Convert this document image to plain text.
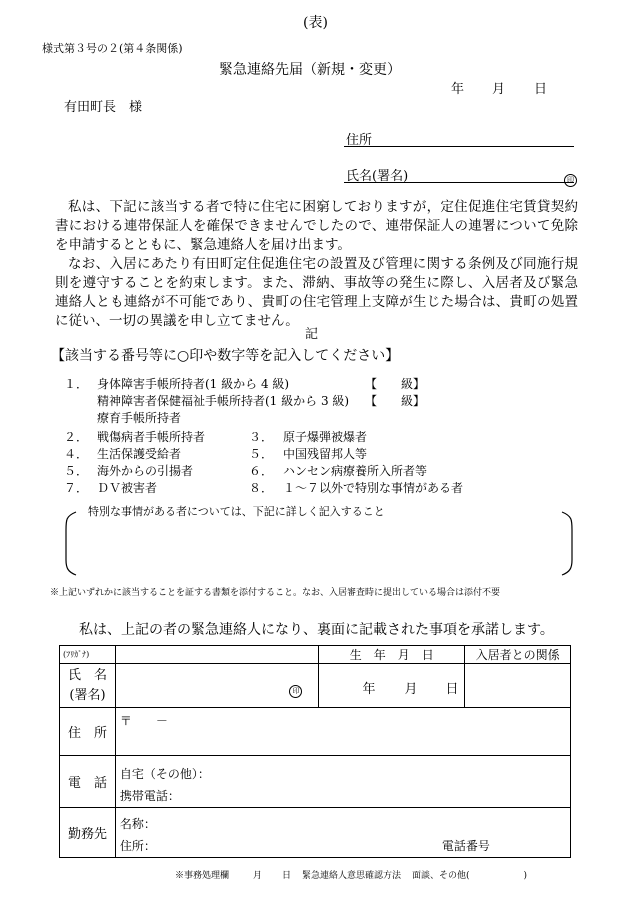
(表)
様式第３号の２(第４条関係)
緊急連絡先届（新規・変更）
年 月 日
有田町長　様
住所
氏名(署名)	印
私は、下記に該当する者で特に住宅に困窮しておりますが，定住促進住宅賃貸契約書における連帯保証人を確保できませんでしたので、連帯保証人の連署について免除を申請するとともに、緊急連絡人を届け出ます。
なお、入居にあたり有田町定住促進住宅の設置及び管理に関する条例及び同施行規則を遵守することを約束します。また、滞納、事故等の発生に際し、入居者及び緊急連絡人とも連絡が不可能であり、貴町の住宅管理上支障が生じた場合は、貴町の処置に従い、一切の異議を申し立てません。
記
【該当する番号等に○印や数字等を記入してください】
１． 身体障害手帳所持者(1 級から 4 級)	【　　級】
精神障害者保健福祉手帳所持者(1 級から 3 級) 【　　級】
療育手帳所持者
２． 戦傷病者手帳所持者	３． 原子爆弾被爆者
４． 生活保護受給者	５． 中国残留邦人等
５． 海外からの引揚者	６． ハンセン病療養所入所者等
７． ＤＶ被害者	８． １～７以外で特別な事情がある者
特別な事情がある者については、下記に詳しく記入すること
※上記いずれかに該当することを証する書類を添付すること。なお、入居審査時に提出している場合は添付不要
私は、上記の者の緊急連絡人になり、裏面に記載された事項を承諾します。
(ﾌﾘｶﾞﾅ)		生　年　月　日	入居者との関係

氏　名
(署名)	印	年 月 日	

住　所	〒　　－		

電　話	自宅（その他）：
携帯電話：		

勤務先	名称：
住所： 電話番号		
※事務処理欄	月 日 緊急連絡人意思確認方法 面談、その他(　　　　　　)
